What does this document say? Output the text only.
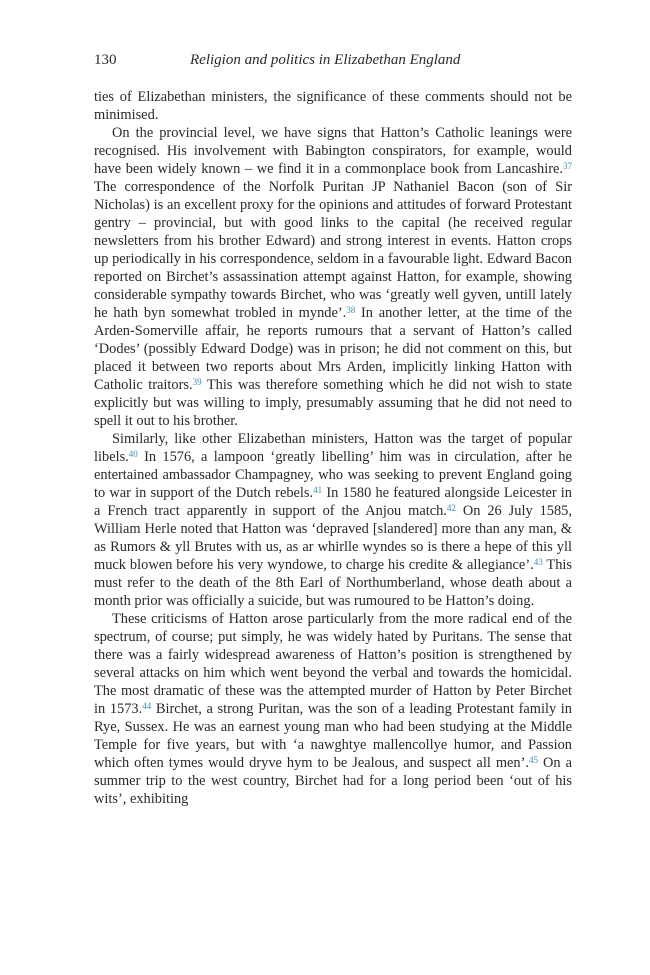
130	Religion and politics in Elizabethan England

ties of Elizabethan ministers, the significance of these comments should not be minimised.

On the provincial level, we have signs that Hatton’s Catholic leanings were recognised. His involvement with Babington conspirators, for example, would have been widely known – we find it in a commonplace book from Lancashire.$^{37}$ The correspondence of the Norfolk Puritan JP Nathaniel Bacon (son of Sir Nicholas) is an excellent proxy for the opinions and attitudes of forward Protestant gentry – provincial, but with good links to the capital (he received regular newsletters from his brother Edward) and strong interest in events. Hatton crops up periodically in his correspondence, seldom in a favourable light. Edward Bacon reported on Birchet’s assassination attempt against Hatton, for example, showing considerable sympathy towards Birchet, who was ‘greatly well gyven, untill lately he hath byn somewhat trobled in mynde’.$^{38}$ In another letter, at the time of the Arden-Somerville affair, he reports rumours that a servant of Hatton’s called ‘Dodes’ (possibly Edward Dodge) was in prison; he did not comment on this, but placed it between two reports about Mrs Arden, implicitly linking Hatton with Catholic traitors.$^{39}$ This was therefore something which he did not wish to state explicitly but was willing to imply, presumably assuming that he did not need to spell it out to his brother.

Similarly, like other Elizabethan ministers, Hatton was the target of popular libels.$^{40}$ In 1576, a lampoon ‘greatly libelling’ him was in circulation, after he entertained ambassador Champagney, who was seeking to prevent England going to war in support of the Dutch rebels.$^{41}$ In 1580 he featured alongside Leicester in a French tract apparently in support of the Anjou match.$^{42}$ On 26 July 1585, William Herle noted that Hatton was ‘depraved [slandered] more than any man, & as Rumors & yll Brutes with us, as ar whirlle wyndes so is there a hepe of this yll muck blowen before his very wyndowe, to charge his credite & allegiance’.$^{43}$ This must refer to the death of the 8th Earl of Northumberland, whose death about a month prior was officially a suicide, but was rumoured to be Hatton’s doing.

These criticisms of Hatton arose particularly from the more radical end of the spectrum, of course; put simply, he was widely hated by Puritans. The sense that there was a fairly widespread awareness of Hatton’s position is strengthened by several attacks on him which went beyond the verbal and towards the homicidal. The most dramatic of these was the attempted murder of Hatton by Peter Birchet in 1573.44 Birchet, a strong Puritan, was the son of a leading Protestant family in Rye, Sussex. He was an earnest young man who had been studying at the Middle Temple for five years, but with ‘a nawghtye mallencollye humor, and Passion which often tymes would dryve hym to be Jealous, and suspect all men’.$^{45}$ On a summer trip to the west country, Birchet had for a long period been ‘out of his wits’, exhibiting
